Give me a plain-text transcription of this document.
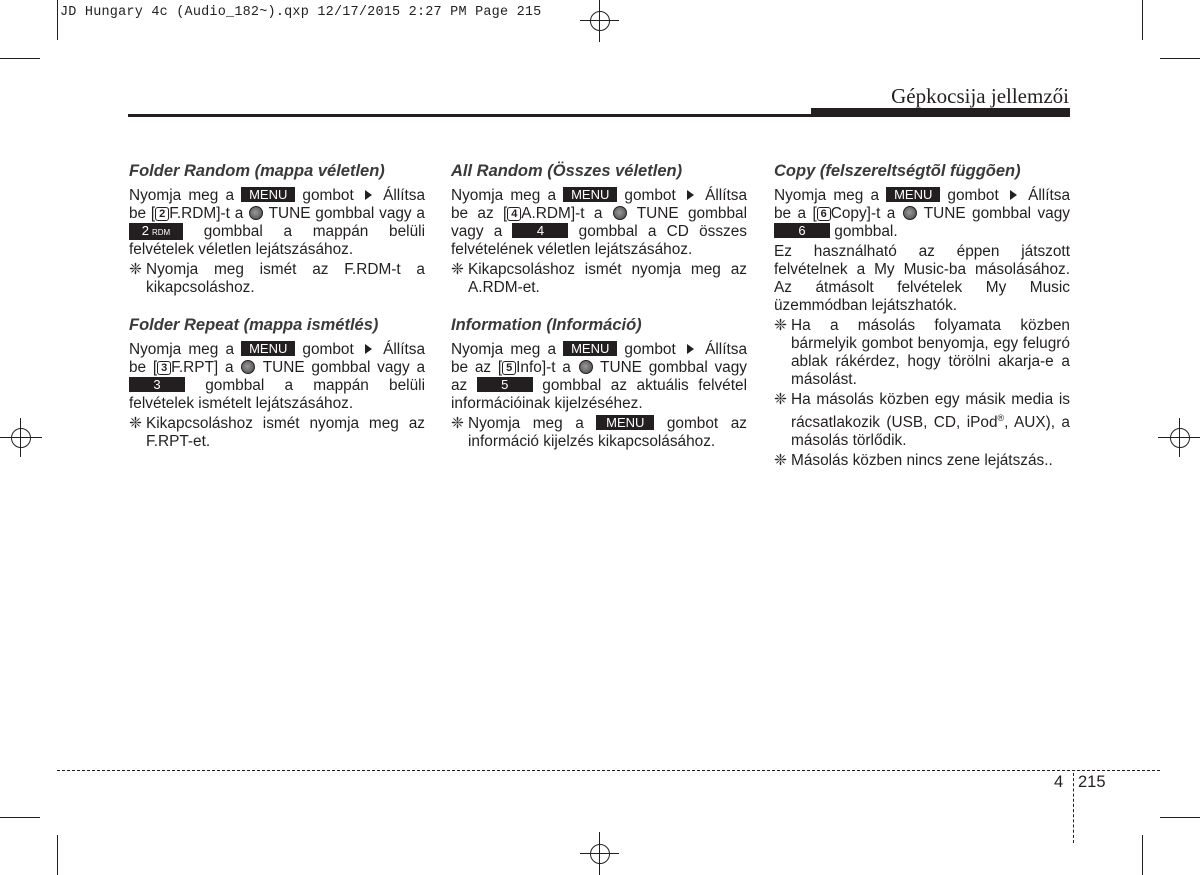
JD Hungary 4c (Audio_182~).qxp 12/17/2015 2:27 PM Page 215
Gépkocsija jellemzői
Folder Random (mappa véletlen)

Nyomja meg a MENU gombot  Állítsa be [ 2 F.RDM]-t a  TUNE gombbal vagy a 2 RDM gombbal a mappán belüli felvételek véletlen lejátszásához.

❈ Nyomja meg ismét az F.RDM-t a kikapcsoláshoz.
Folder Repeat (mappa ismétlés)

Nyomja meg a MENU gombot  Állítsa be [ 3 F.RPT] a  TUNE gombbal vagy a 3 gombbal a mappán belüli felvételek ismételt lejátszásához.

❈ Kikapcsoláshoz ismét nyomja meg az F.RPT-et.
All Random (Összes véletlen)

Nyomja meg a MENU gombot  Állítsa be az [ 4 A.RDM]-t a  TUNE gombbal vagy a 4 gombbal a CD összes felvételének véletlen lejátszásához.

❈ Kikapcsoláshoz ismét nyomja meg az A.RDM-et.
Information (Információ)

Nyomja meg a MENU gombot  Állítsa be az [ 5 Info]-t a  TUNE gombbal vagy az 5 gombbal az aktuális felvétel információinak kijelzéséhez.

❈ Nyomja meg a MENU gombot az információ kijelzés kikapcsolásához.
Copy (felszereltségtõl függõen)

Nyomja meg a MENU gombot  Állítsa be a [ 6 Copy]-t a  TUNE gombbal vagy 6 gombbal.

Ez használható az éppen játszott felvételnek a My Music-ba másolásához. Az átmásolt felvételek My Music üzemmódban lejátszhatók.

❈ Ha a másolás folyamata közben bármelyik gombot benyomja, egy felugró ablak rákérdez, hogy törölni akarja-e a másolást.
❈ Ha másolás közben egy másik media is rácsatlakozik (USB, CD, iPod®, AUX), a másolás törlődik.
❈ Másolás közben nincs zene lejátszás..
4 215
